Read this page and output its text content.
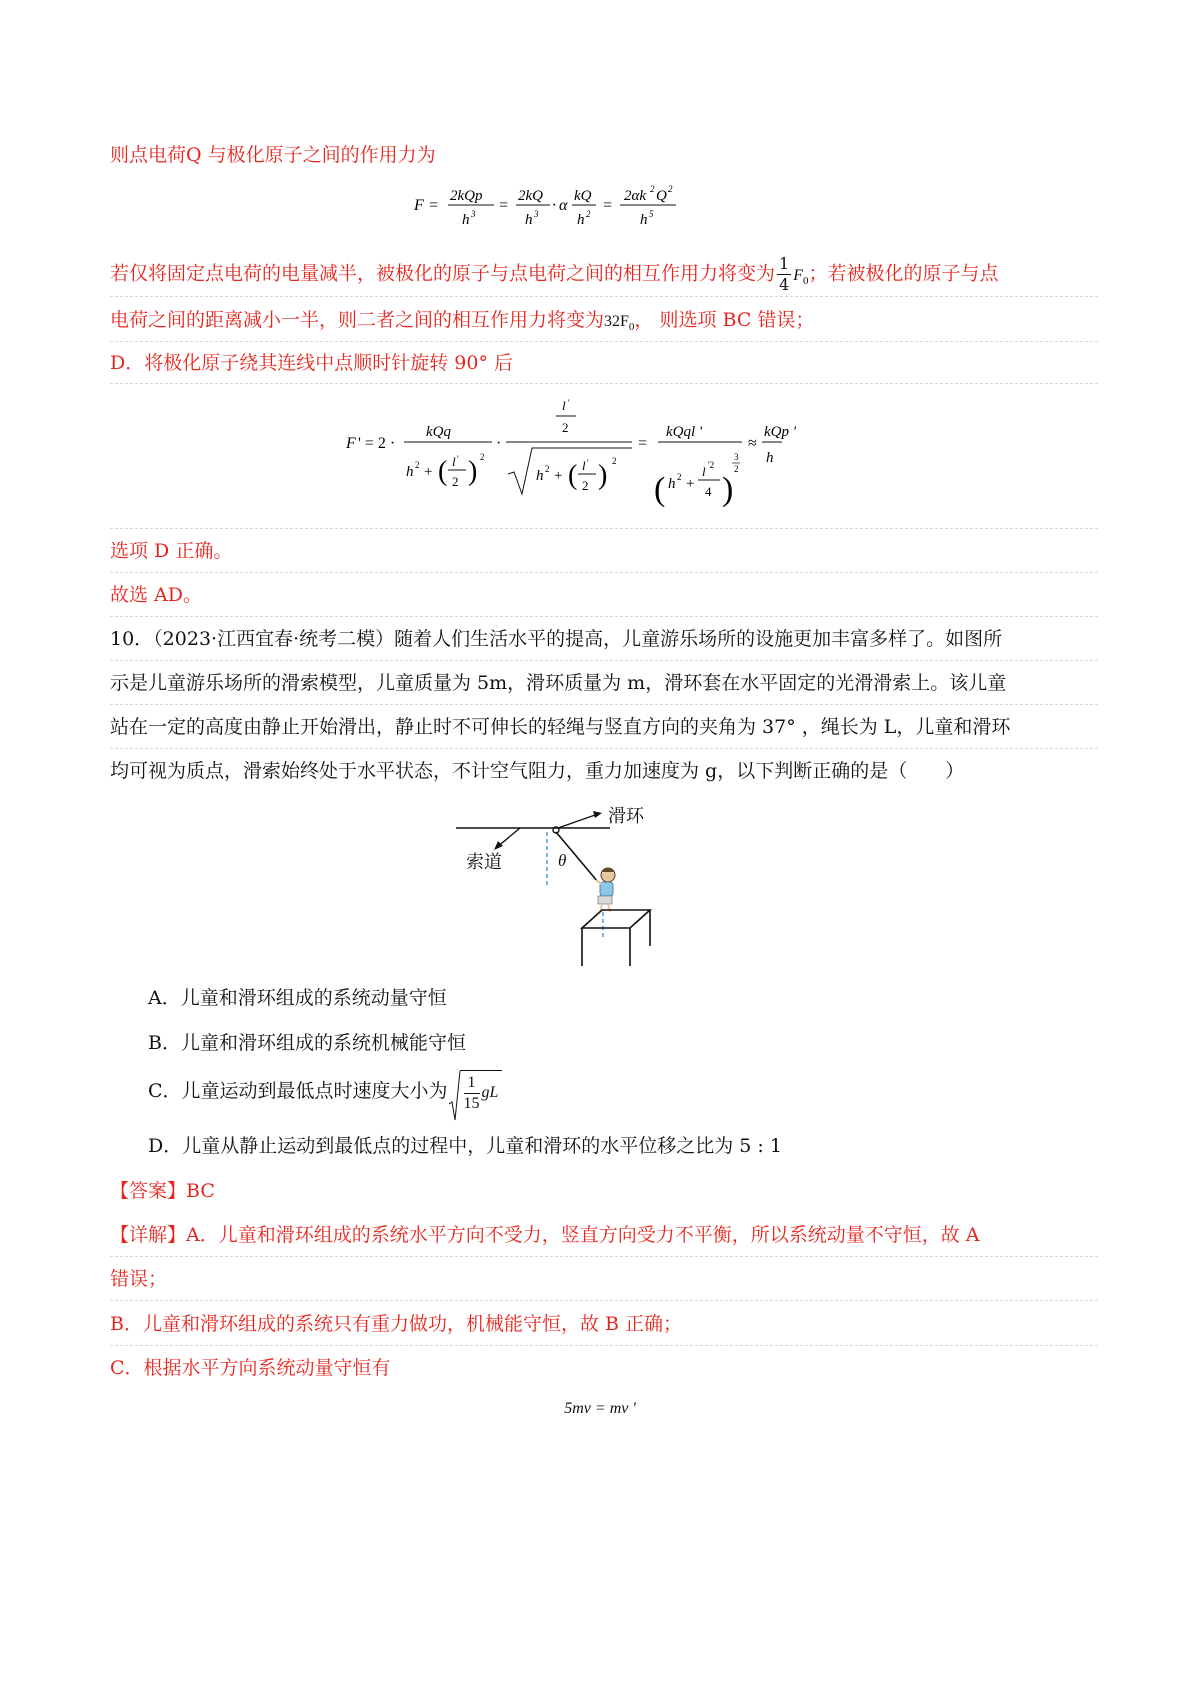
则点电荷Q 与极化原子之间的作用力为
F =
2kQp
h 3 =
2kQ
h 3 · α
kQ
h 2 =
2αk 2 Q 2
h 5
若仅将固定点电荷的电量减半，被极化的原子与点电荷之间的相互作用力将变为 $\frac{1}{4} F_0$；若被极化的原子与点
电荷之间的距离减小一半，则二者之间的相互作用力将变为$32F_0$， 则选项 BC 错误；
D．将极化原子绕其连线中点顺时针旋转 90° 后
F ' = 2 ·
kQq
h 2 + ( l '
2 ) 2
·
l '
2
h 2 + ( l '
2 ) 2
=
kQql '
( h 2 +
l '2
4 )
3
2
≈
kQp '
h
选项 D 正确。
故选 AD。
10．（2023·江西宜春·统考二模）随着人们生活水平的提高，儿童游乐场所的设施更加丰富多样了。如图所
示是儿童游乐场所的滑索模型，儿童质量为 5m，滑环质量为 m，滑环套在水平固定的光滑滑索上。该儿童
站在一定的高度由静止开始滑出，静止时不可伸长的轻绳与竖直方向的夹角为 37° ，绳长为 L，儿童和滑环
均可视为质点，滑索始终处于水平状态，不计空气阻力，重力加速度为 g，以下判断正确的是（　　）
滑环
索道	θ
A．儿童和滑环组成的系统动量守恒
B．儿童和滑环组成的系统机械能守恒
C．儿童运动到最低点时速度大小为 $\frac{1}{15}$ gL
D．儿童从静止运动到最低点的过程中，儿童和滑环的水平位移之比为 5 : 1
【答案】BC
【详解】A．儿童和滑环组成的系统水平方向不受力，竖直方向受力不平衡，所以系统动量不守恒，故 A
错误；
B．儿童和滑环组成的系统只有重力做功，机械能守恒，故 B 正确；
C．根据水平方向系统动量守恒有
5mv = mv '
